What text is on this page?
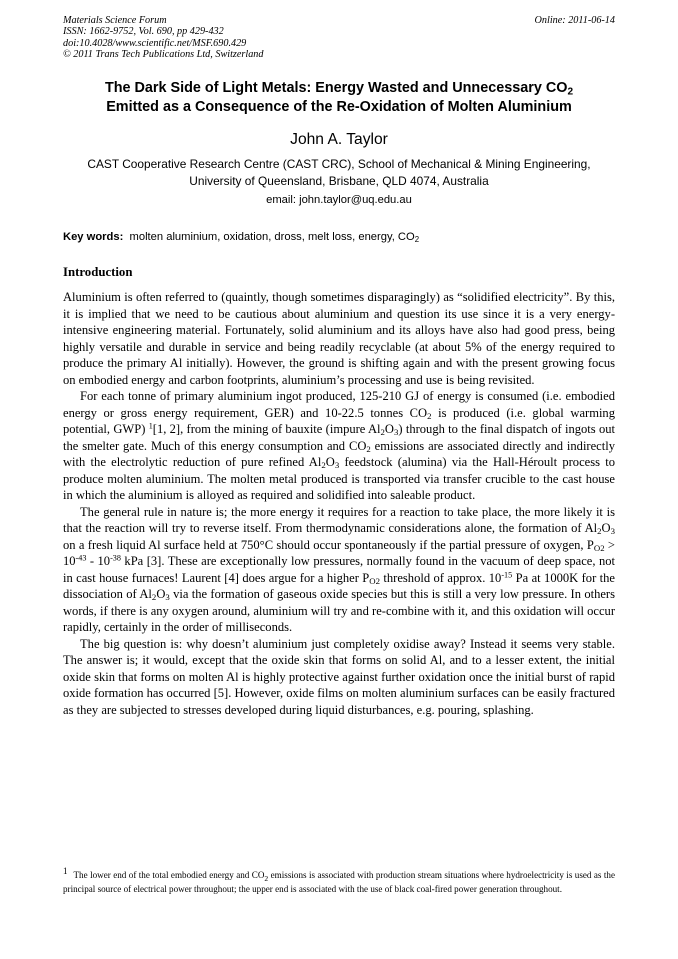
Materials Science Forum
ISSN: 1662-9752, Vol. 690, pp 429-432
doi:10.4028/www.scientific.net/MSF.690.429
© 2011 Trans Tech Publications Ltd, Switzerland
Online: 2011-06-14
The Dark Side of Light Metals: Energy Wasted and Unnecessary $CO_2$
Emitted as a Consequence of the Re-Oxidation of Molten Aluminium
John A. Taylor
CAST Cooperative Research Centre (CAST CRC), School of Mechanical & Mining Engineering,
University of Queensland, Brisbane, QLD 4074, Australia
email: john.taylor@uq.edu.au
Key words: molten aluminium, oxidation, dross, melt loss, energy, $CO_2$
Introduction

Aluminium is often referred to (quaintly, though sometimes disparagingly) as “solidified electricity”. By this, it is implied that we need to be cautious about aluminium and question its use since it is a very energy-intensive engineering material. Fortunately, solid aluminium and its alloys have also had good press, being highly versatile and durable in service and being readily recyclable (at about 5% of the energy required to produce the primary Al initially). However, the ground is shifting again and with the present growing focus on embodied energy and carbon footprints, aluminium’s processing and use is being revisited.

For each tonne of primary aluminium ingot produced, 125-210 GJ of energy is consumed (i.e. embodied energy or gross energy requirement, GER) and 10-22.5 tonnes $CO_2$ is produced (i.e. global warming potential, GWP) $^1$[1, 2], from the mining of bauxite (impure $Al_2O_3$) through to the final dispatch of ingots out the smelter gate. Much of this energy consumption and $CO_2$ emissions are associated directly and indirectly with the electrolytic reduction of pure refined $Al_2O_3$ feedstock (alumina) via the Hall-Héroult process to produce molten aluminium. The molten metal produced is transported via transfer crucible to the cast house in which the aluminium is alloyed as required and solidified into saleable product.

The general rule in nature is; the more energy it requires for a reaction to take place, the more likely it is that the reaction will try to reverse itself. From thermodynamic considerations alone, the formation of $Al_2O_3$ on a fresh liquid Al surface held at 750°C should occur spontaneously if the partial pressure of oxygen, $P_{O2} > 10^{-43} - 10^{-38}$ kPa [3]. These are exceptionally low pressures, normally found in the vacuum of deep space, not in cast house furnaces! Laurent [4] does argue for a higher $P_{O2}$ threshold of approx. $10^{-15}$ Pa at 1000K for the dissociation of $Al_2O_3$ via the formation of gaseous oxide species but this is still a very low pressure. In others words, if there is any oxygen around, aluminium will try and re-combine with it, and this oxidation will occur rapidly, certainly in the order of milliseconds.

The big question is: why doesn’t aluminium just completely oxidise away? Instead it seems very stable. The answer is; it would, except that the oxide skin that forms on solid Al, and to a lesser extent, the initial oxide skin that forms on molten Al is highly protective against further oxidation once the initial burst of rapid oxide formation has occurred [5]. However, oxide films on molten aluminium surfaces can be easily fractured as they are subjected to stresses developed during liquid disturbances, e.g. pouring, splashing.

1 The lower end of the total embodied energy and $CO_2$ emissions is associated with production stream situations where hydroelectricity is used as the principal source of electrical power throughout; the upper end is associated with the use of black coal-fired power generation throughout.
